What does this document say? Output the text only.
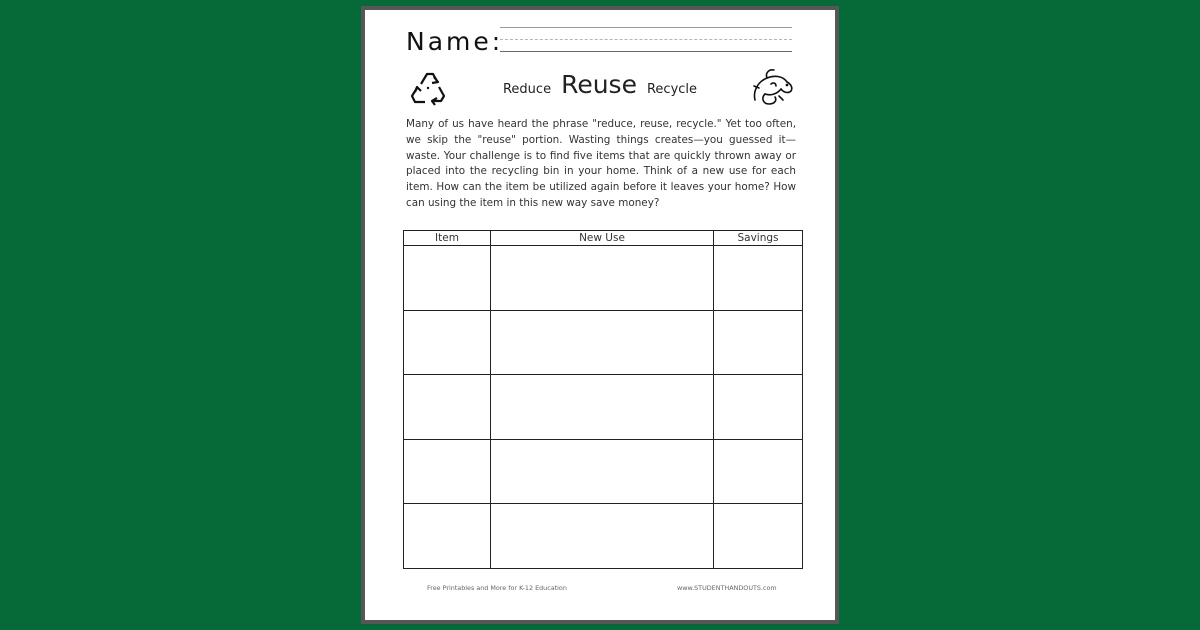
Name:
Reduce Reuse Recycle
Many of us have heard the phrase "reduce, reuse, recycle." Yet too often, we skip the "reuse" portion. Wasting things creates—you guessed it—waste. Your challenge is to find five items that are quickly thrown away or placed into the recycling bin in your home. Think of a new use for each item. How can the item be utilized again before it leaves your home? How can using the item in this new way save money?
Item	New Use	Savings

Free Printables and More for K-12 Education	www.STUDENTHANDOUTS.com
